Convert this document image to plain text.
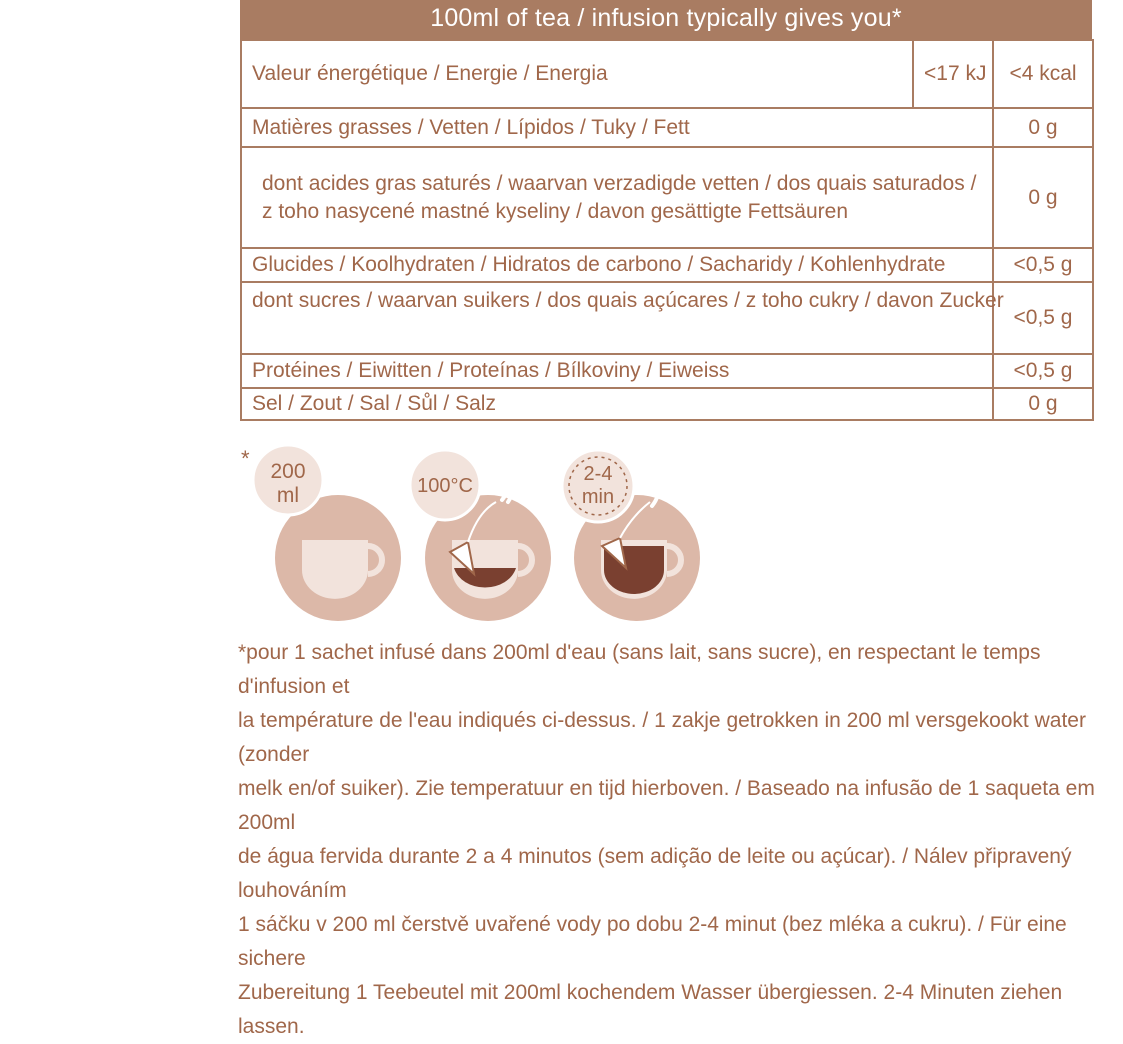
100ml of tea / infusion typically gives you*
Valeur énergétique / Energie / Energia	<17 kJ	<4 kcal
Matières grasses / Vetten / Lípidos / Tuky / Fett		0 g

dont acides gras saturés / waarvan verzadigde vetten / dos quais saturados /
z toho nasycené mastné kyseliny / davon gesättigte Fettsäuren		0 g
Glucides / Koolhydraten / Hidratos de carbono / Sacharidy / Kohlenhydrate		<0,5 g
dont sucres / waarvan suikers / dos quais açúcares / z toho cukry / davon Zucker		<0,5 g
Protéines / Eiwitten / Proteínas / Bílkoviny / Eiweiss		<0,5 g
Sel / Zout / Sal / Sůl / Salz		0 g
*
200
ml	100°C
2-4
min
*pour 1 sachet infusé dans 200ml d'eau (sans lait, sans sucre), en respectant le temps d'infusion et
la température de l'eau indiqués ci-dessus. / 1 zakje getrokken in 200 ml versgekookt water (zonder
melk en/of suiker). Zie temperatuur en tijd hierboven. / Baseado na infusão de 1 saqueta em 200ml
de água fervida durante 2 a 4 minutos (sem adição de leite ou açúcar). / Nálev připravený louhováním
1 sáčku v 200 ml čerstvě uvařené vody po dobu 2-4 minut (bez mléka a cukru). / Für eine sichere
Zubereitung 1 Teebeutel mit 200ml kochendem Wasser übergiessen. 2-4 Minuten ziehen lassen.
